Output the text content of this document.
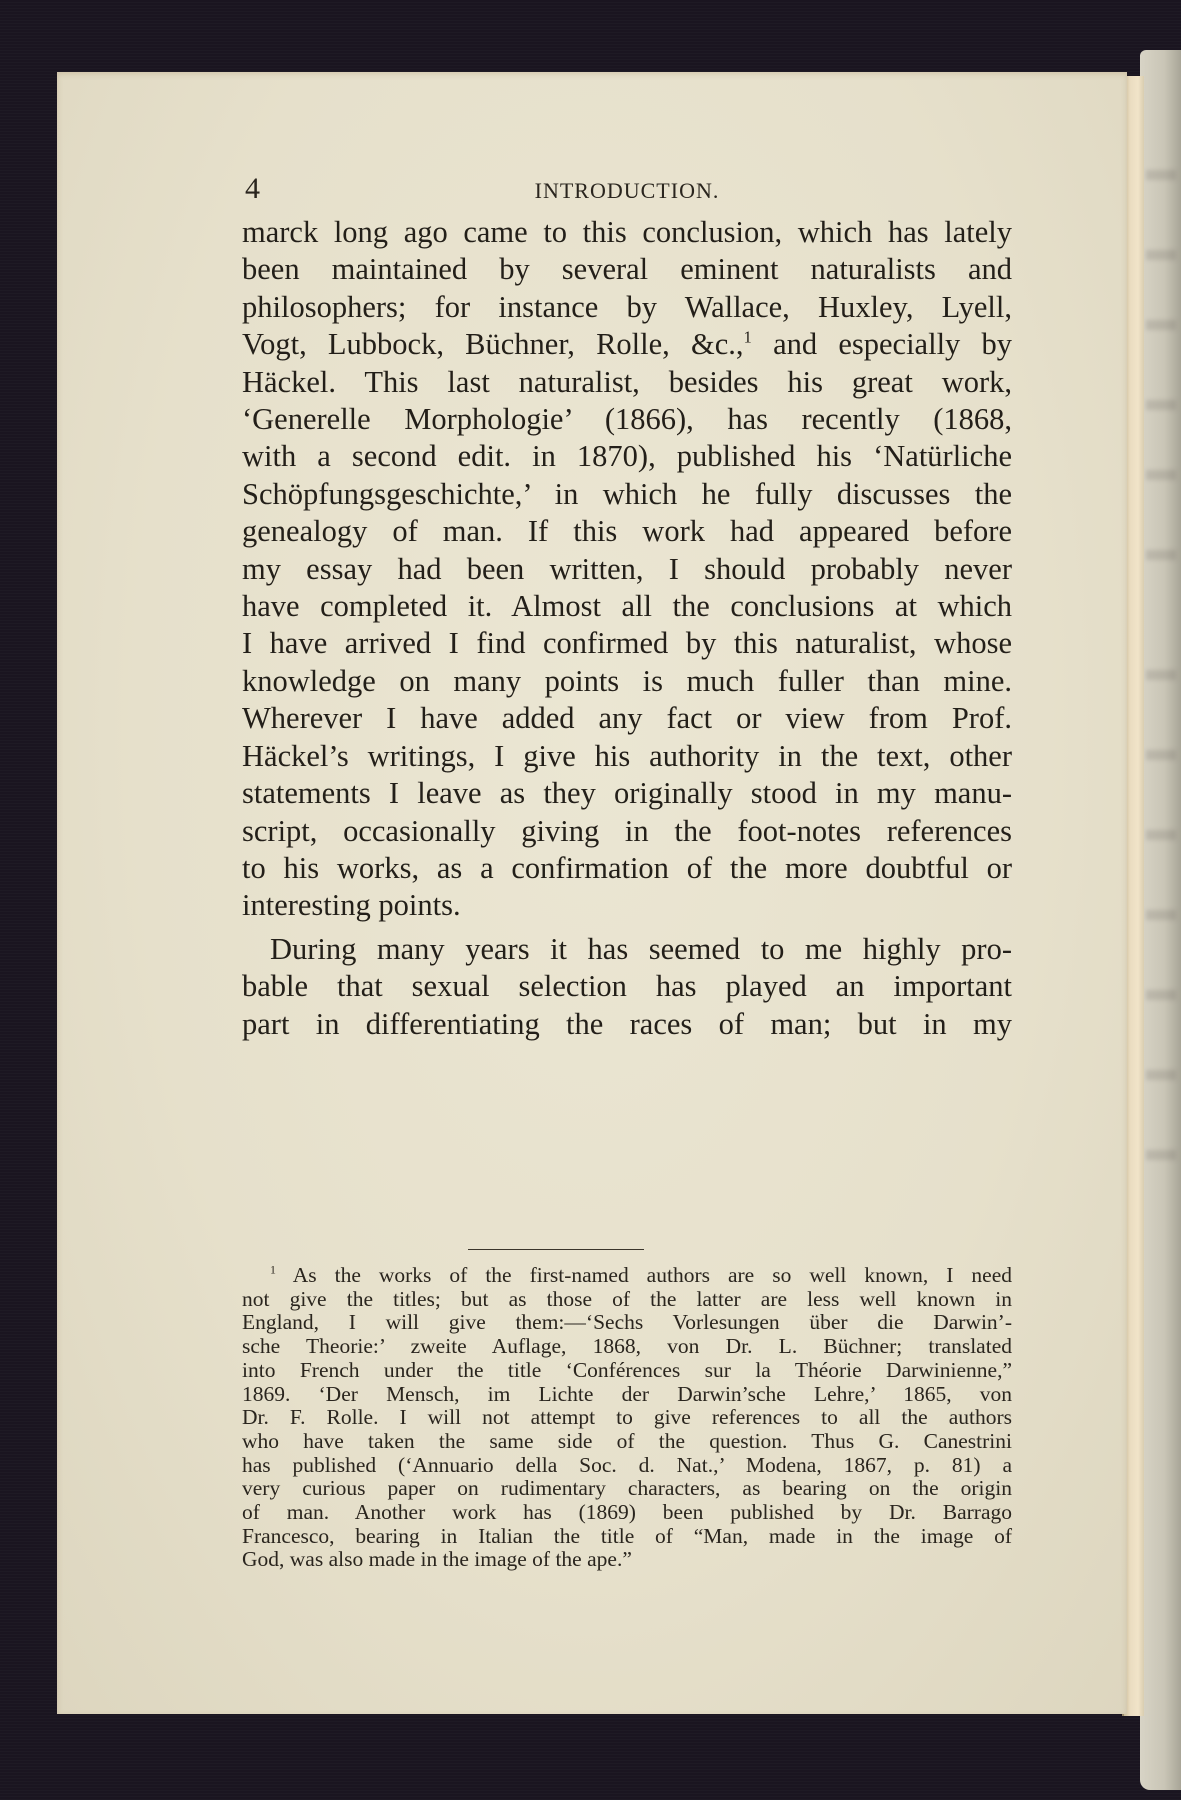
4	INTRODUCTION.
marck long ago came to this conclusion, which has lately
been maintained by several eminent naturalists and
philosophers; for instance by Wallace, Huxley, Lyell,
Vogt, Lubbock, Büchner, Rolle, &c.,$^1$ and especially by
Häckel. This last naturalist, besides his great work,
‘Generelle Morphologie’ (1866), has recently (1868,
with a second edit. in 1870), published his ‘Natürliche
Schöpfungsgeschichte,’ in which he fully discusses the
genealogy of man. If this work had appeared before
my essay had been written, I should probably never
have completed it. Almost all the conclusions at which
I have arrived I find confirmed by this naturalist, whose
knowledge on many points is much fuller than mine.
Wherever I have added any fact or view from Prof.
Häckel’s writings, I give his authority in the text, other
statements I leave as they originally stood in my manu-
script, occasionally giving in the foot-notes references
to his works, as a confirmation of the more doubtful or
interesting points.
During many years it has seemed to me highly pro-
bable that sexual selection has played an important
part in differentiating the races of man; but in my
$^1$ As the works of the first-named authors are so well known, I need
not give the titles; but as those of the latter are less well known in
England, I will give them:—‘Sechs Vorlesungen über die Darwin’-
sche Theorie:’ zweite Auflage, 1868, von Dr. L. Büchner; translated
into French under the title ‘Conférences sur la Théorie Darwinienne,”
1869. ‘Der Mensch, im Lichte der Darwin’sche Lehre,’ 1865, von
Dr. F. Rolle. I will not attempt to give references to all the authors
who have taken the same side of the question. Thus G. Canestrini
has published (‘Annuario della Soc. d. Nat.,’ Modena, 1867, p. 81) a
very curious paper on rudimentary characters, as bearing on the origin
of man. Another work has (1869) been published by Dr. Barrago
Francesco, bearing in Italian the title of “Man, made in the image of
God, was also made in the image of the ape.”
